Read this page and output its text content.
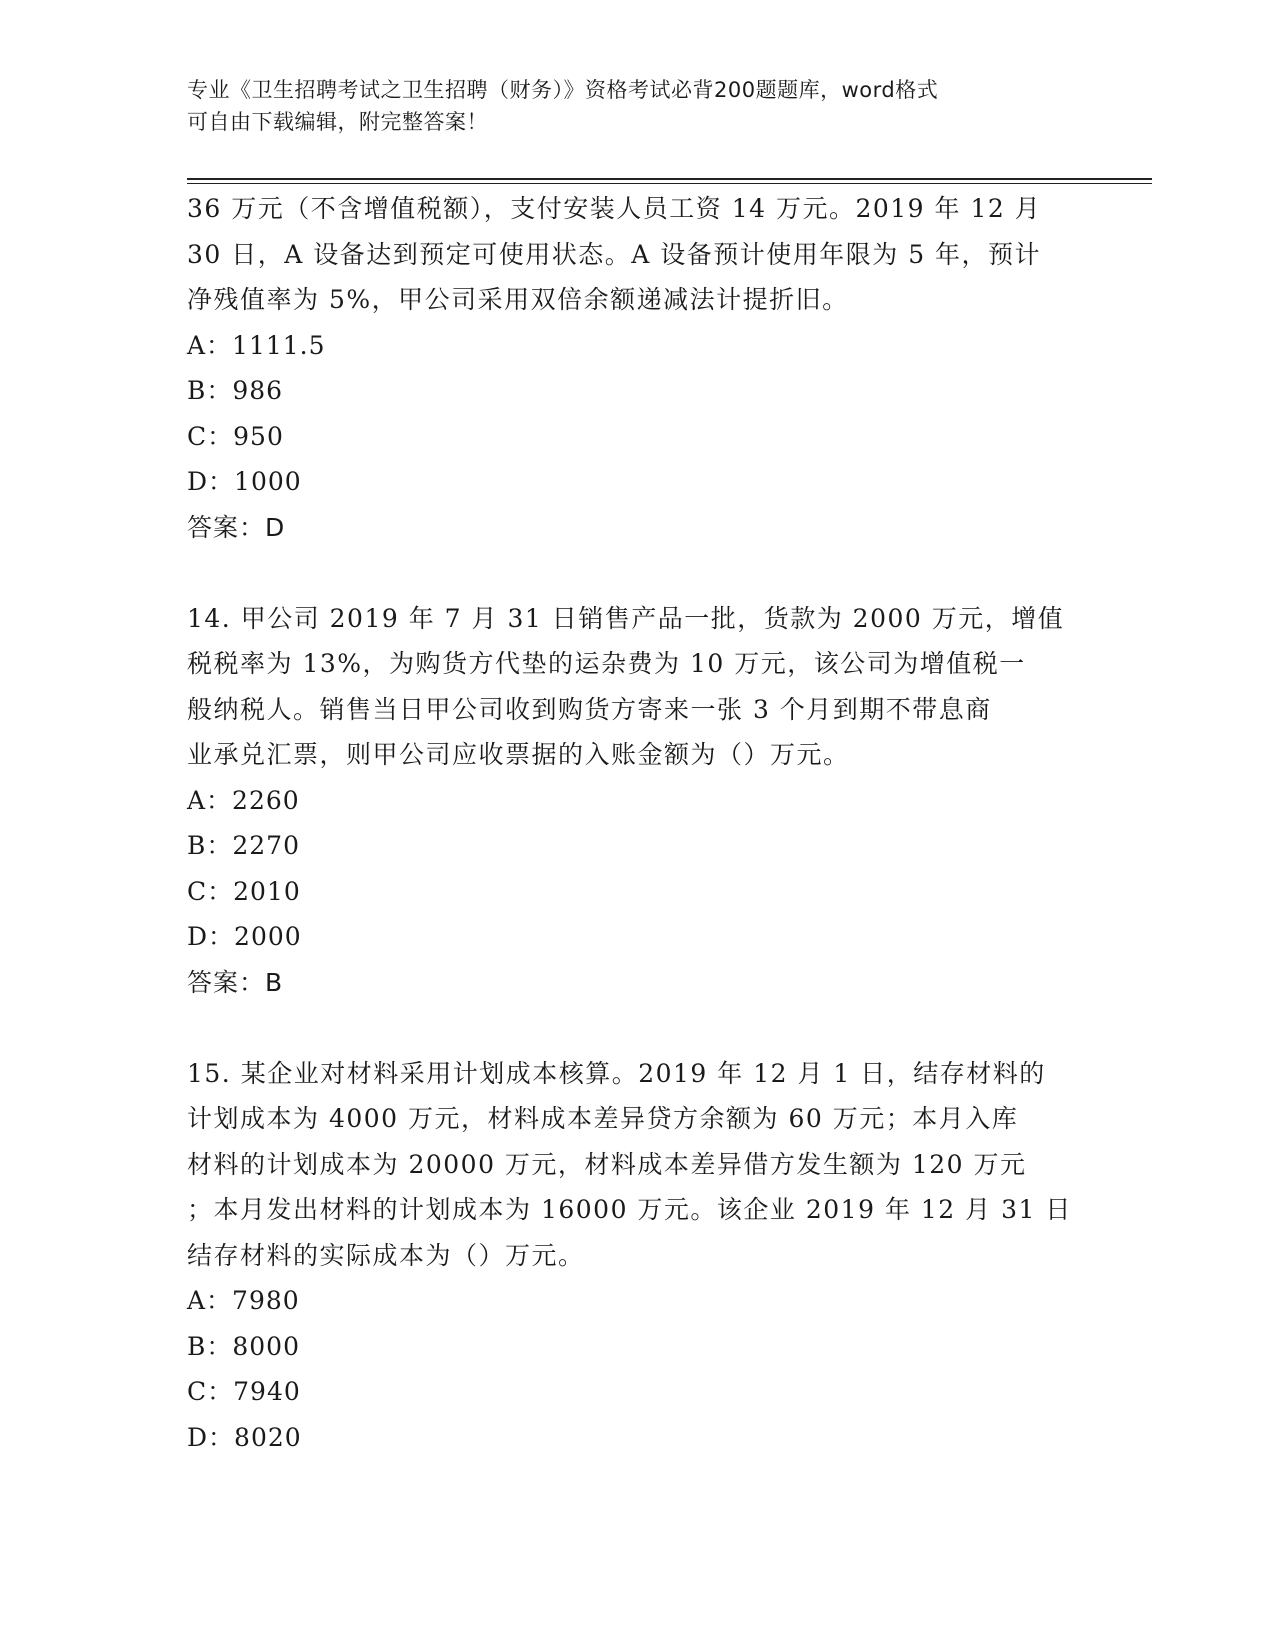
专业《卫生招聘考试之卫生招聘（财务）》资格考试必背200题题库，word格式
可自由下载编辑，附完整答案！

36 万元（不含增值税额），支付安装人员工资 14 万元。2019 年 12 月

30 日，A 设备达到预定可使用状态。A 设备预计使用年限为 5 年，预计

净残值率为 5%，甲公司采用双倍余额递减法计提折旧。

A：1111.5

B：986

C：950

D：1000

答案：D

14. 甲公司 2019 年 7 月 31 日销售产品一批，货款为 2000 万元，增值

税税率为 13%，为购货方代垫的运杂费为 10 万元，该公司为增值税一

般纳税人。销售当日甲公司收到购货方寄来一张 3 个月到期不带息商

业承兑汇票，则甲公司应收票据的入账金额为（）万元。

A：2260

B：2270

C：2010

D：2000

答案：B

15. 某企业对材料采用计划成本核算。2019 年 12 月 1 日，结存材料的

计划成本为 4000 万元，材料成本差异贷方余额为 60 万元；本月入库

材料的计划成本为 20000 万元，材料成本差异借方发生额为 120 万元

；本月发出材料的计划成本为 16000 万元。该企业 2019 年 12 月 31 日

结存材料的实际成本为（）万元。

A：7980

B：8000

C：7940

D：8020
